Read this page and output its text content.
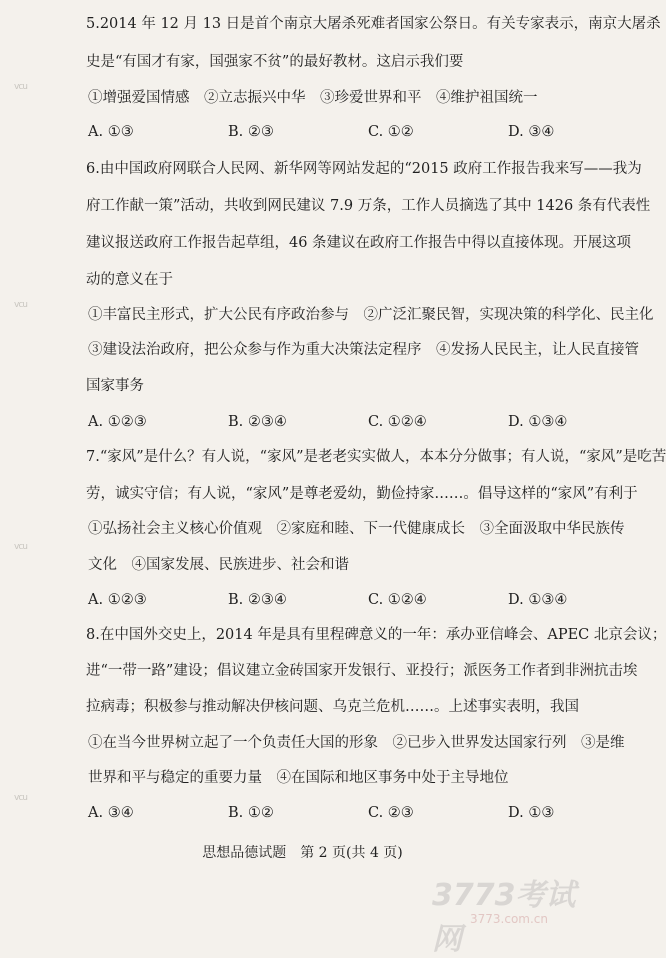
vcu
vcu
vcu
vcu
5.2014 年 12 月 13 日是首个南京大屠杀死难者国家公祭日。有关专家表示，南京大屠杀
史是“有国才有家，国强家不贫”的最好教材。这启示我们要
①增强爱国情感　②立志振兴中华　③珍爱世界和平　④维护祖国统一
A. ①③	B. ②③	C. ①②	D. ③④
6.由中国政府网联合人民网、新华网等网站发起的“2015 政府工作报告我来写——我为
府工作献一策”活动，共收到网民建议 7.9 万条，工作人员摘选了其中 1426 条有代表性
建议报送政府工作报告起草组，46 条建议在政府工作报告中得以直接体现。开展这项
动的意义在于
①丰富民主形式，扩大公民有序政治参与　②广泛汇聚民智，实现决策的科学化、民主化
③建设法治政府，把公众参与作为重大决策法定程序　④发扬人民民主，让人民直接管
国家事务
A. ①②③	B. ②③④	C. ①②④	D. ①③④
7.“家风”是什么？有人说，“家风”是老老实实做人，本本分分做事；有人说，“家风”是吃苦
劳，诚实守信；有人说，“家风”是尊老爱幼，勤俭持家……。倡导这样的“家风”有利于
①弘扬社会主义核心价值观　②家庭和睦、下一代健康成长　③全面汲取中华民族传
文化　④国家发展、民族进步、社会和谐
A. ①②③	B. ②③④	C. ①②④	D. ①③④
8.在中国外交史上，2014 年是具有里程碑意义的一年：承办亚信峰会、APEC 北京会议；
进“一带一路”建设；倡议建立金砖国家开发银行、亚投行；派医务工作者到非洲抗击埃
拉病毒；积极参与推动解决伊核问题、乌克兰危机……。上述事实表明，我国
①在当今世界树立起了一个负责任大国的形象　②已步入世界发达国家行列　③是维
世界和平与稳定的重要力量　④在国际和地区事务中处于主导地位
A. ③④	B. ①②	C. ②③	D. ①③
思想品德试题　第 2 页(共 4 页)
3773考试网
3773.com.cn
